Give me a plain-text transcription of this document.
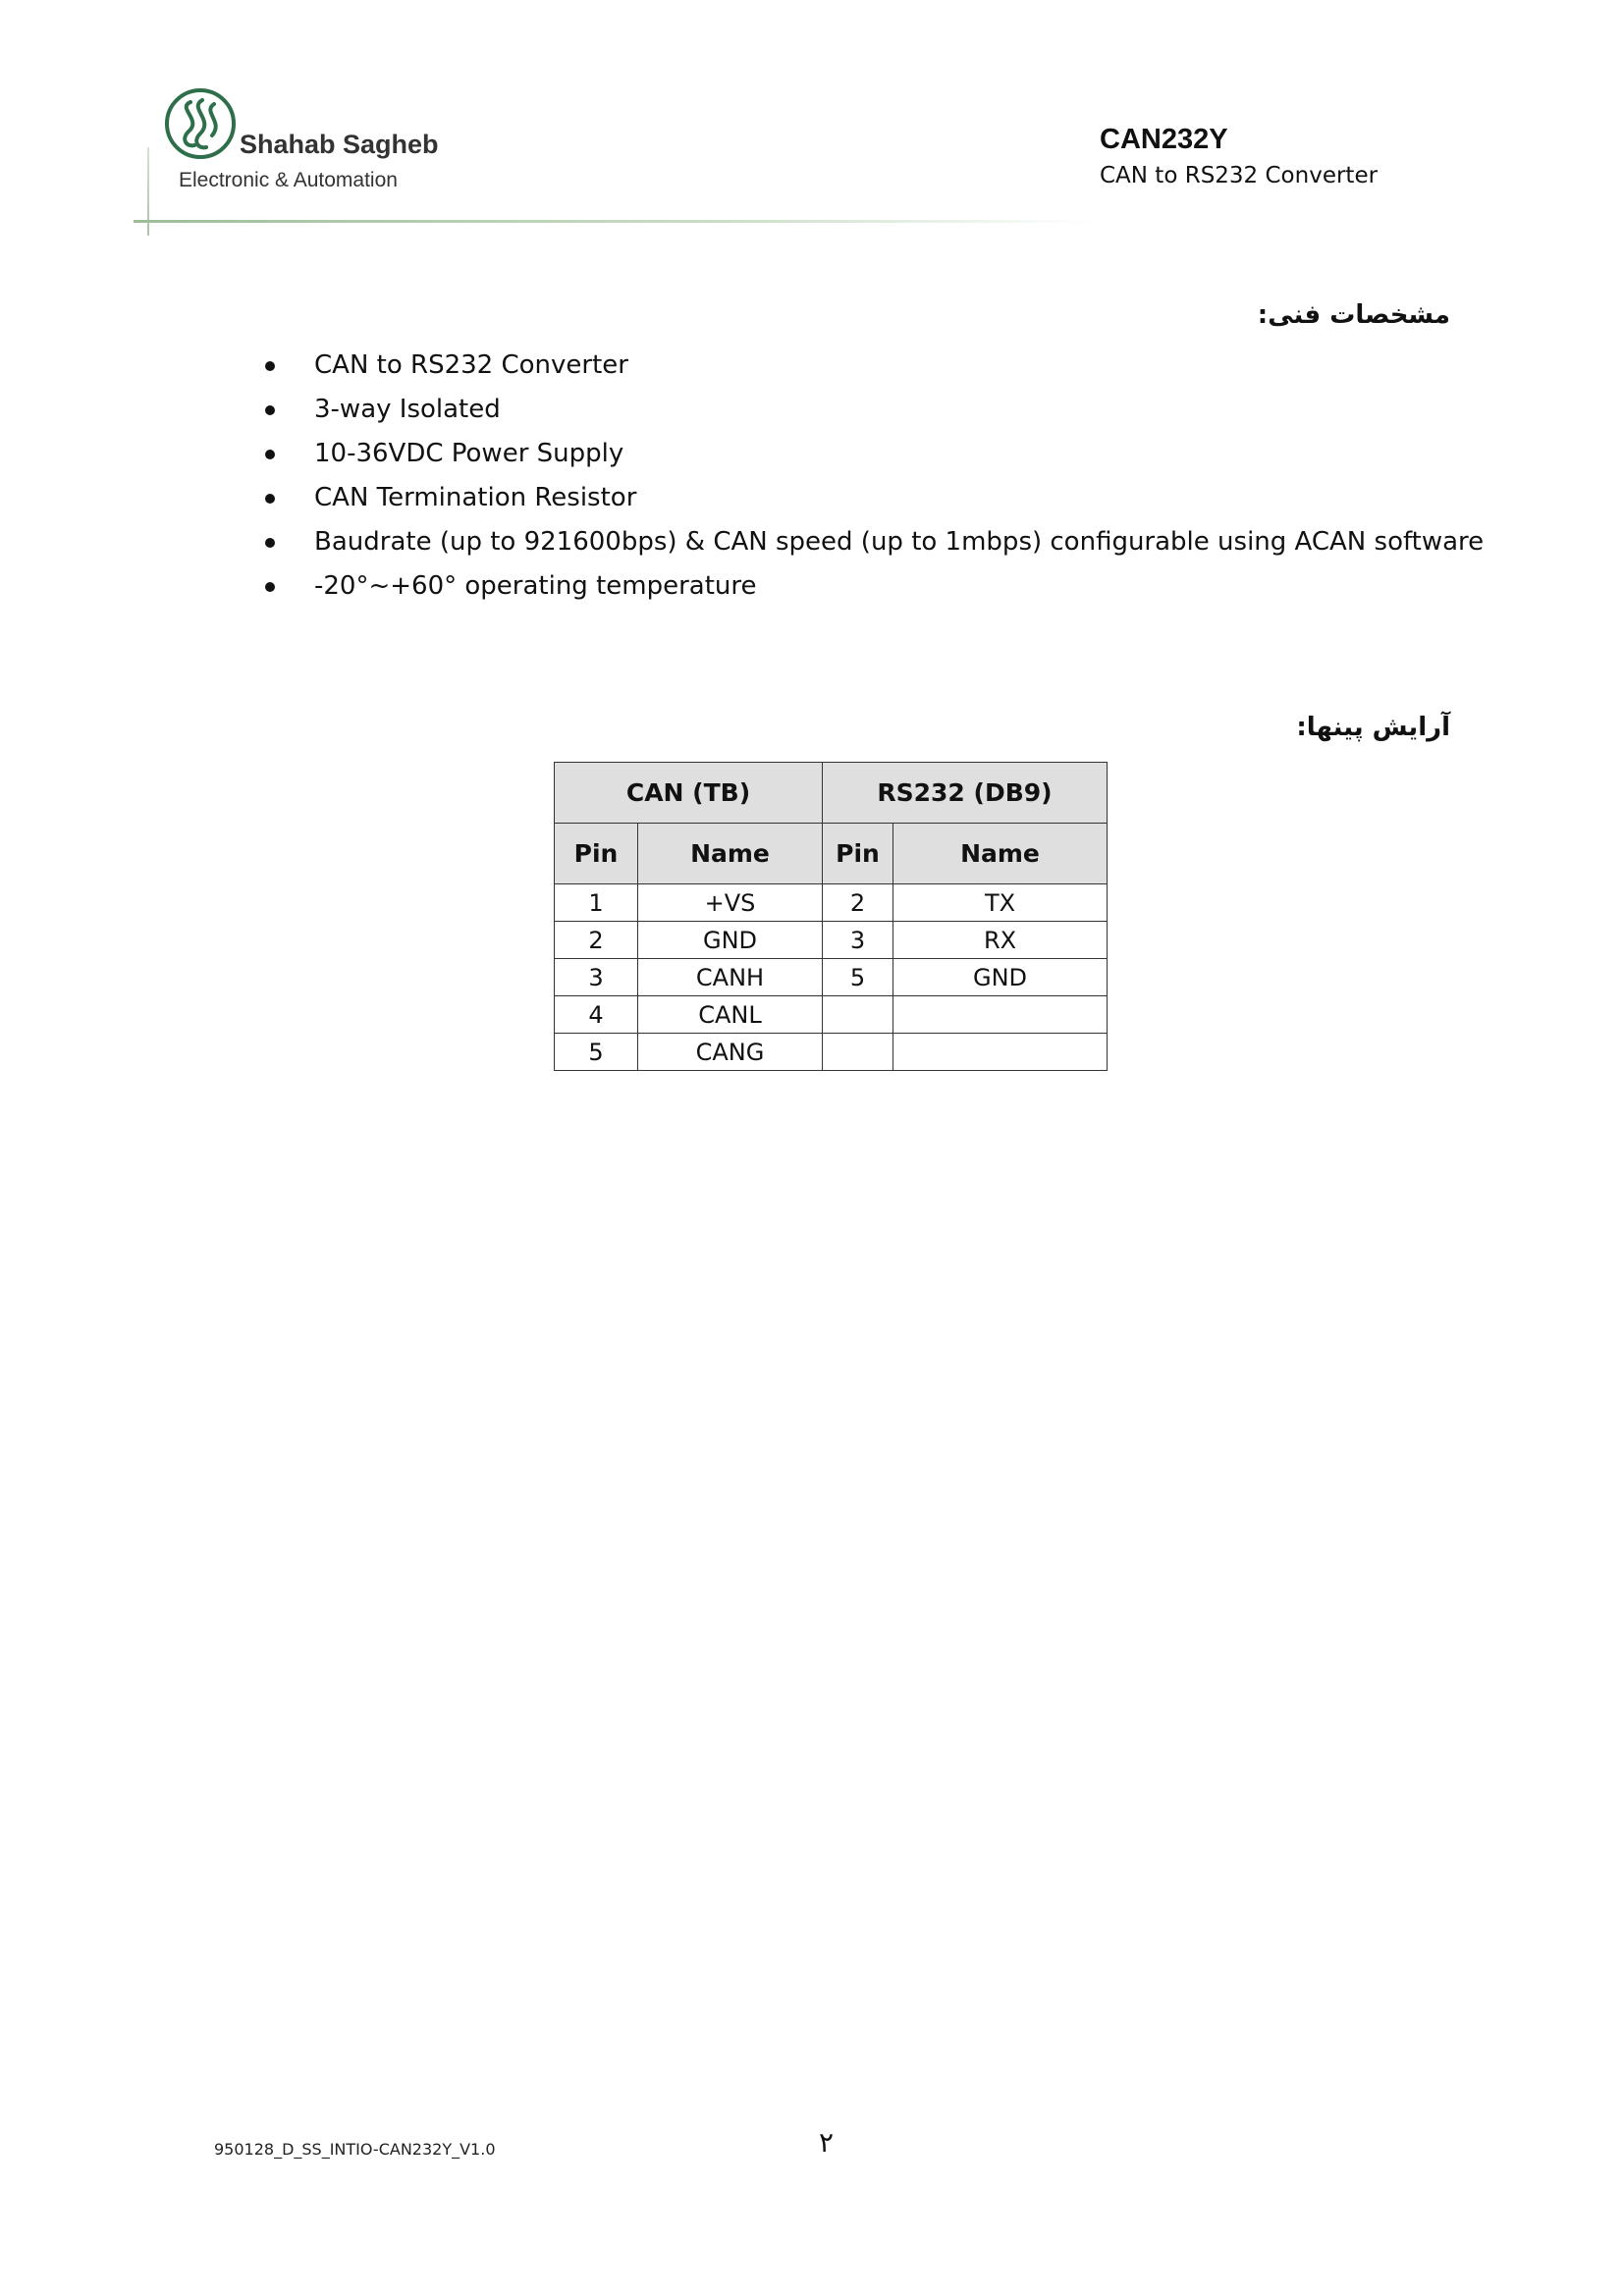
Shahab Sagheb
Electronic & Automation
CAN232Y
CAN to RS232 Converter
مشخصات فنی:
CAN to RS232 Converter
3-way Isolated
10-36VDC Power Supply
CAN Termination Resistor
Baudrate (up to 921600bps) & CAN speed (up to 1mbps) configurable using ACAN software
-20°~+60° operating temperature
آرایش پینها:
CAN (TB)		RS232 (DB9)	
Pin	Name	Pin	Name
1	+VS	2	TX
2	GND	3	RX
3	CANH	5	GND
4	CANL		
5	CANG		
950128_D_SS_INTIO-CAN232Y_V1.0	۲
